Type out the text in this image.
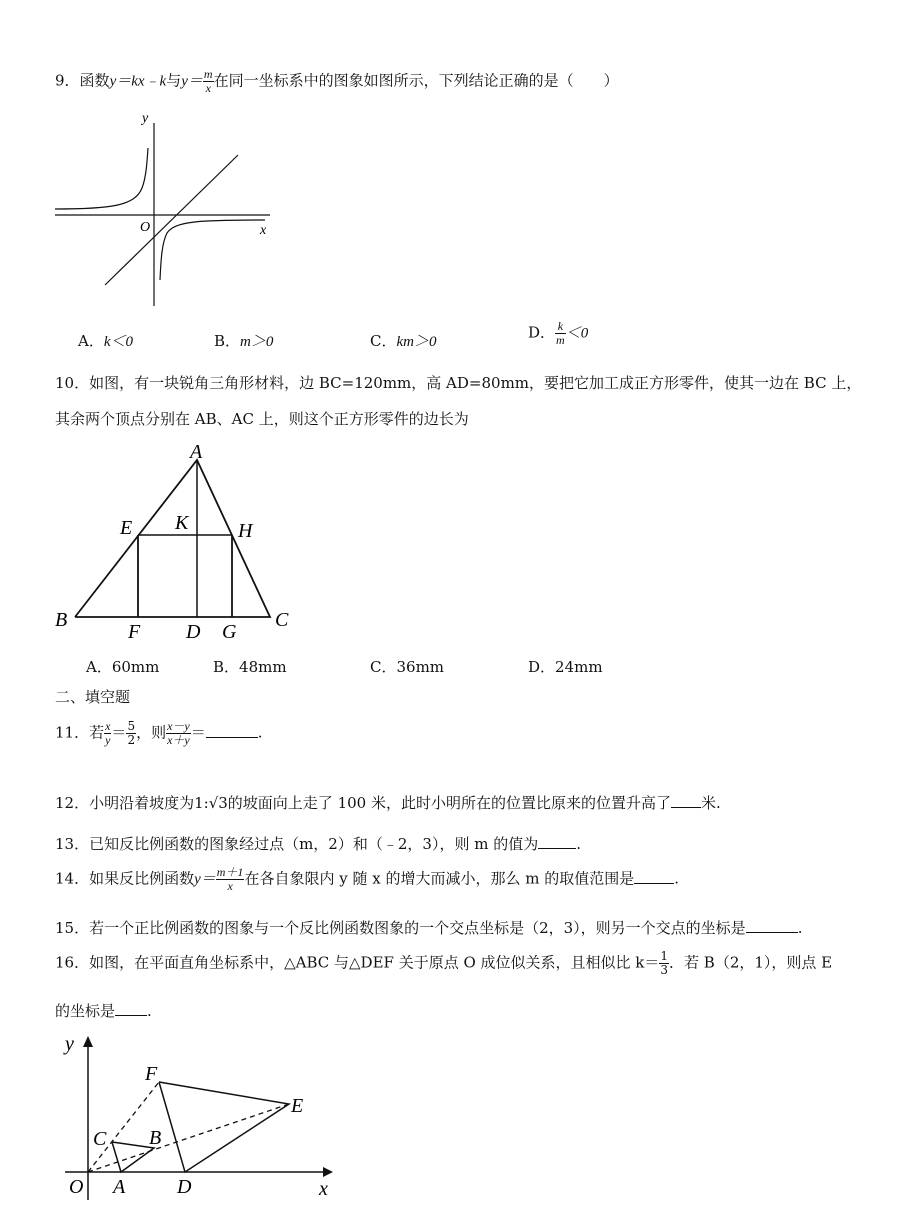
9．函数y＝kx﹣k与$y= \frac{m}{x}$ 在同一坐标系中的图象如图所示，下列结论正确的是（　　）
y
x
O
A．k＜0	B．m＞0	C．km＞0
D． $\frac{k}{m} <0$
10．如图，有一块锐角三角形材料，边 BC=120mm，高 AD=80mm，要把它加工成正方形零件，使其一边在 BC 上，
其余两个顶点分别在 AB、AC 上，则这个正方形零件的边长为
A
B	C
D
E
F	G
H
K
A．60mm	B．48mm	C．36mm	D．24mm
二、填空题
11．若 $\frac{x}{y} = \frac{5}{2}$ ，则 $\frac{x-y}{x+y}$ ＝	.
12．小明沿着坡度为1:√3的坡面向上走了 100 米，此时小明所在的位置比原来的位置升高了 米.
13．已知反比例函数的图象经过点（m，2）和（﹣2，3），则 m 的值为	.
14．如果反比例函数$y= \frac{m+1}{x}$ 在各自象限内 y 随 x 的增大而减小，那么 m 的取值范围是	.
15．若一个正比例函数的图象与一个反比例函数图象的一个交点坐标是（2，3），则另一个交点的坐标是	.
16．如图，在平面直角坐标系中，△ABC 与△DEF 关于原点 O 成位似关系，且相似比 $k= \frac{1}{3}$ ．若 B（2，1），则点 E
的坐标是 .
y
x
O A
B
C
D
E
F
